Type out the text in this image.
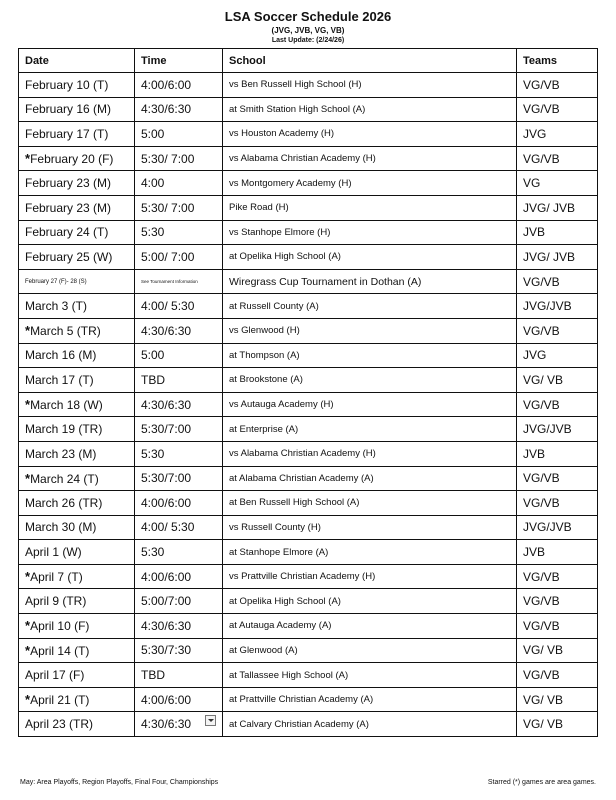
LSA Soccer Schedule 2026
(JVG, JVB, VG, VB)
Last Update: (2/24/26)
Date	Time	School	Teams
February 10 (T)	4:00/6:00	vs Ben Russell High School (H)	VG/VB
February 16 (M)	4:30/6:30	at Smith Station High School (A)	VG/VB
February 17 (T)	5:00	vs Houston Academy (H)	JVG
*February 20 (F)	5:30/ 7:00	vs Alabama Christian Academy (H)	VG/VB
February 23 (M)	4:00	vs Montgomery Academy (H)	VG
February 23 (M)	5:30/ 7:00	Pike Road (H)	JVG/ JVB
February 24 (T)	5:30	vs Stanhope Elmore (H)	JVB
February 25 (W)	5:00/ 7:00	at Opelika High School (A)	JVG/ JVB
February 27 (F)- 28 (S)	See Tournament Information	Wiregrass Cup Tournament in Dothan (A)	VG/VB
March 3 (T)	4:00/ 5:30	at Russell County (A)	JVG/JVB
*March 5 (TR)	4:30/6:30	vs Glenwood (H)	VG/VB
March 16 (M)	5:00	at Thompson (A)	JVG
March 17 (T)	TBD	at Brookstone (A)	VG/ VB
*March 18 (W)	4:30/6:30	vs Autauga Academy (H)	VG/VB
March 19 (TR)	5:30/7:00	at Enterprise (A)	JVG/JVB
March 23 (M)	5:30	vs Alabama Christian Academy (H)	JVB
*March 24 (T)	5:30/7:00	at Alabama Christian Academy (A)	VG/VB
March 26 (TR)	4:00/6:00	at Ben Russell High School (A)	VG/VB
March 30 (M)	4:00/ 5:30	vs Russell County (H)	JVG/JVB
April 1 (W)	5:30	at Stanhope Elmore (A)	JVB
*April 7 (T)	4:00/6:00	vs Prattville Christian Academy (H)	VG/VB
April 9 (TR)	5:00/7:00	at Opelika High School (A)	VG/VB
*April 10 (F)	4:30/6:30	at Autauga Academy (A)	VG/VB
*April 14 (T)	5:30/7:30	at Glenwood (A)	VG/ VB
April 17 (F)	TBD	at Tallassee High School (A)	VG/VB
*April 21 (T)	4:00/6:00	at Prattville Christian Academy (A)	VG/ VB
April 23 (TR)	4:30/6:30	at Calvary Christian Academy (A)	VG/ VB
May: Area Playoffs, Region Playoffs, Final Four, Championships	Starred (*) games are area games.
